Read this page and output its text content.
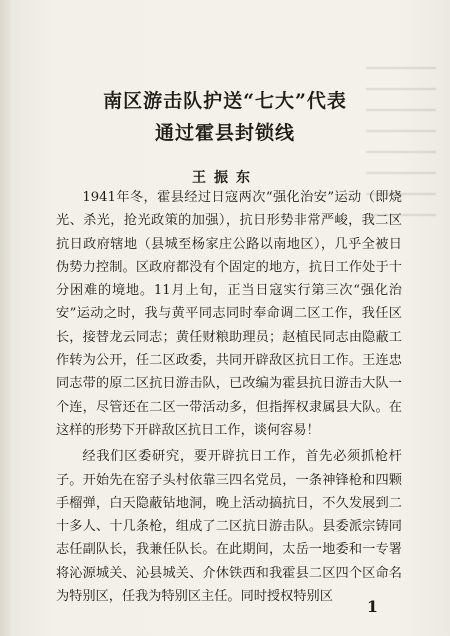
南区游击队护送“七大”代表
通过霍县封锁线
王振东

1941年冬，霍县经过日寇两次“强化治安”运动（即烧光、杀光，抢光政策的加强），抗日形势非常严峻，我二区抗日政府辖地（县城至杨家庄公路以南地区），几乎全被日伪势力控制。区政府都没有个固定的地方，抗日工作处于十分困难的境地。11月上旬，正当日寇实行第三次“强化治安”运动之时，我与黄平同志同时奉命调二区工作，我任区长，接替龙云同志；黄任财粮助理员；赵植民同志由隐蔽工作转为公开，任二区政委，共同开辟敌区抗日工作。王连忠同志带的原二区抗日游击队，已改编为霍县抗日游击大队一个连，尽管还在二区一带活动多，但指挥权隶属县大队。在这样的形势下开辟敌区抗日工作，谈何容易！

经我们区委研究，要开辟抗日工作，首先必须抓枪杆子。开始先在窑子头村依靠三四名党员，一条神锋枪和四颗手榴弹，白天隐蔽钻地洞，晚上活动搞抗日，不久发展到二十多人、十几条枪，组成了二区抗日游击队。县委派宗铸同志任副队长，我兼任队长。在此期间，太岳一地委和一专署将沁源城关、沁县城关、介休铁西和我霍县二区四个区命名为特别区，任我为特别区主任。同时授权特别区

1
